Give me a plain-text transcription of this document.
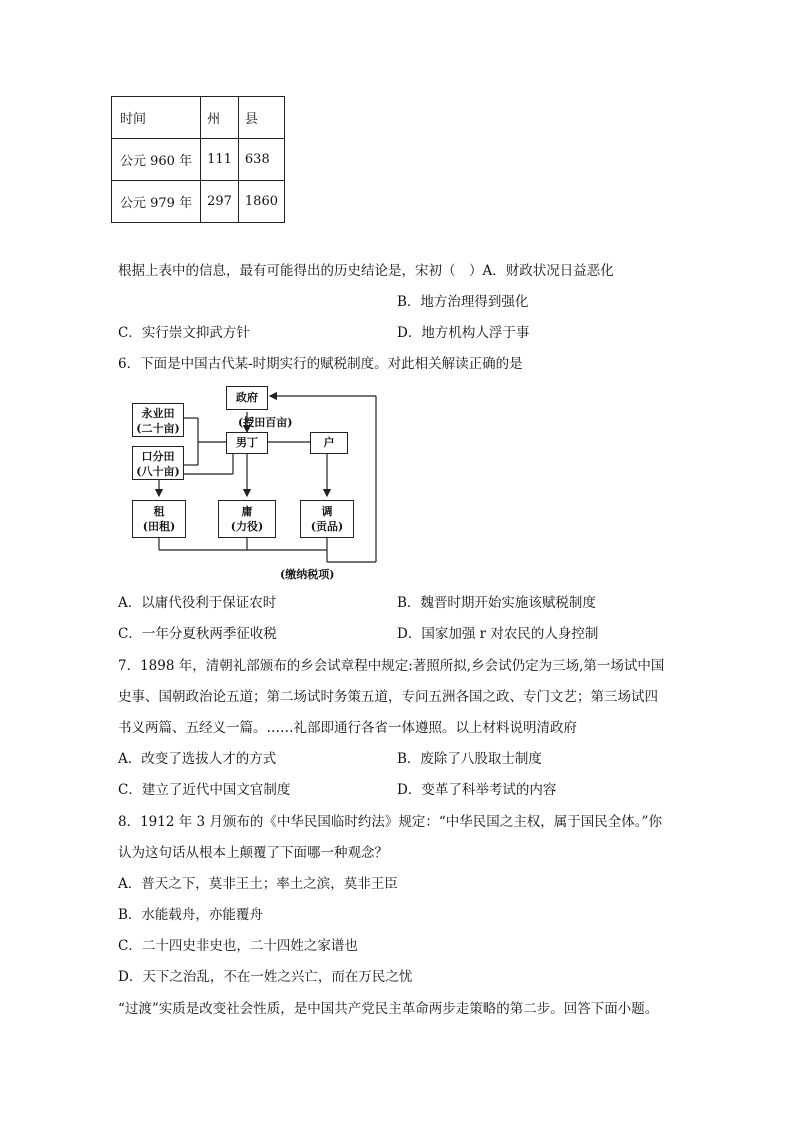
时间	州	县
公元 960 年	111	638
公元 979 年	297	1860
根据上表中的信息，最有可能得出的历史结论是，宋初（　）A．财政状况日益恶化
B．地方治理得到强化
C．实行崇文抑武方针	D．地方机构人浮于事
6．下面是中国古代某-时期实行的赋税制度。对此相关解读正确的是
政府
(授田百亩)
永业田
(二十亩)
口分田
(八十亩)
男丁	户
租
(田租)
庸
(力役)
调
(贡品)
(缴纳税项)
A．以庸代役利于保证农时	B．魏晋时期开始实施该赋税制度
C．一年分夏秋两季征收税	D．国家加强 r 对农民的人身控制
7．1898 年，清朝礼部颁布的乡会试章程中规定:著照所拟,乡会试仍定为三场,第一场试中国
史事、国朝政治论五道；第二场试时务策五道，专问五洲各国之政、专门文艺；第三场试四
书义两篇、五经义一篇。……礼部即通行各省一体遵照。以上材料说明清政府
A．改变了选拔人才的方式	B．废除了八股取士制度
C．建立了近代中国文官制度	D．变革了科举考试的内容
8．1912 年 3 月颁布的《中华民国临时约法》规定：“中华民国之主权，属于国民全体。”你
认为这句话从根本上颠覆了下面哪一种观念？
A．普天之下，莫非王土；率土之滨，莫非王臣
B．水能载舟，亦能覆舟
C．二十四史非史也，二十四姓之家谱也
D．天下之治乱，不在一姓之兴亡，而在万民之忧
“过渡”实质是改变社会性质，是中国共产党民主革命两步走策略的第二步。回答下面小题。
